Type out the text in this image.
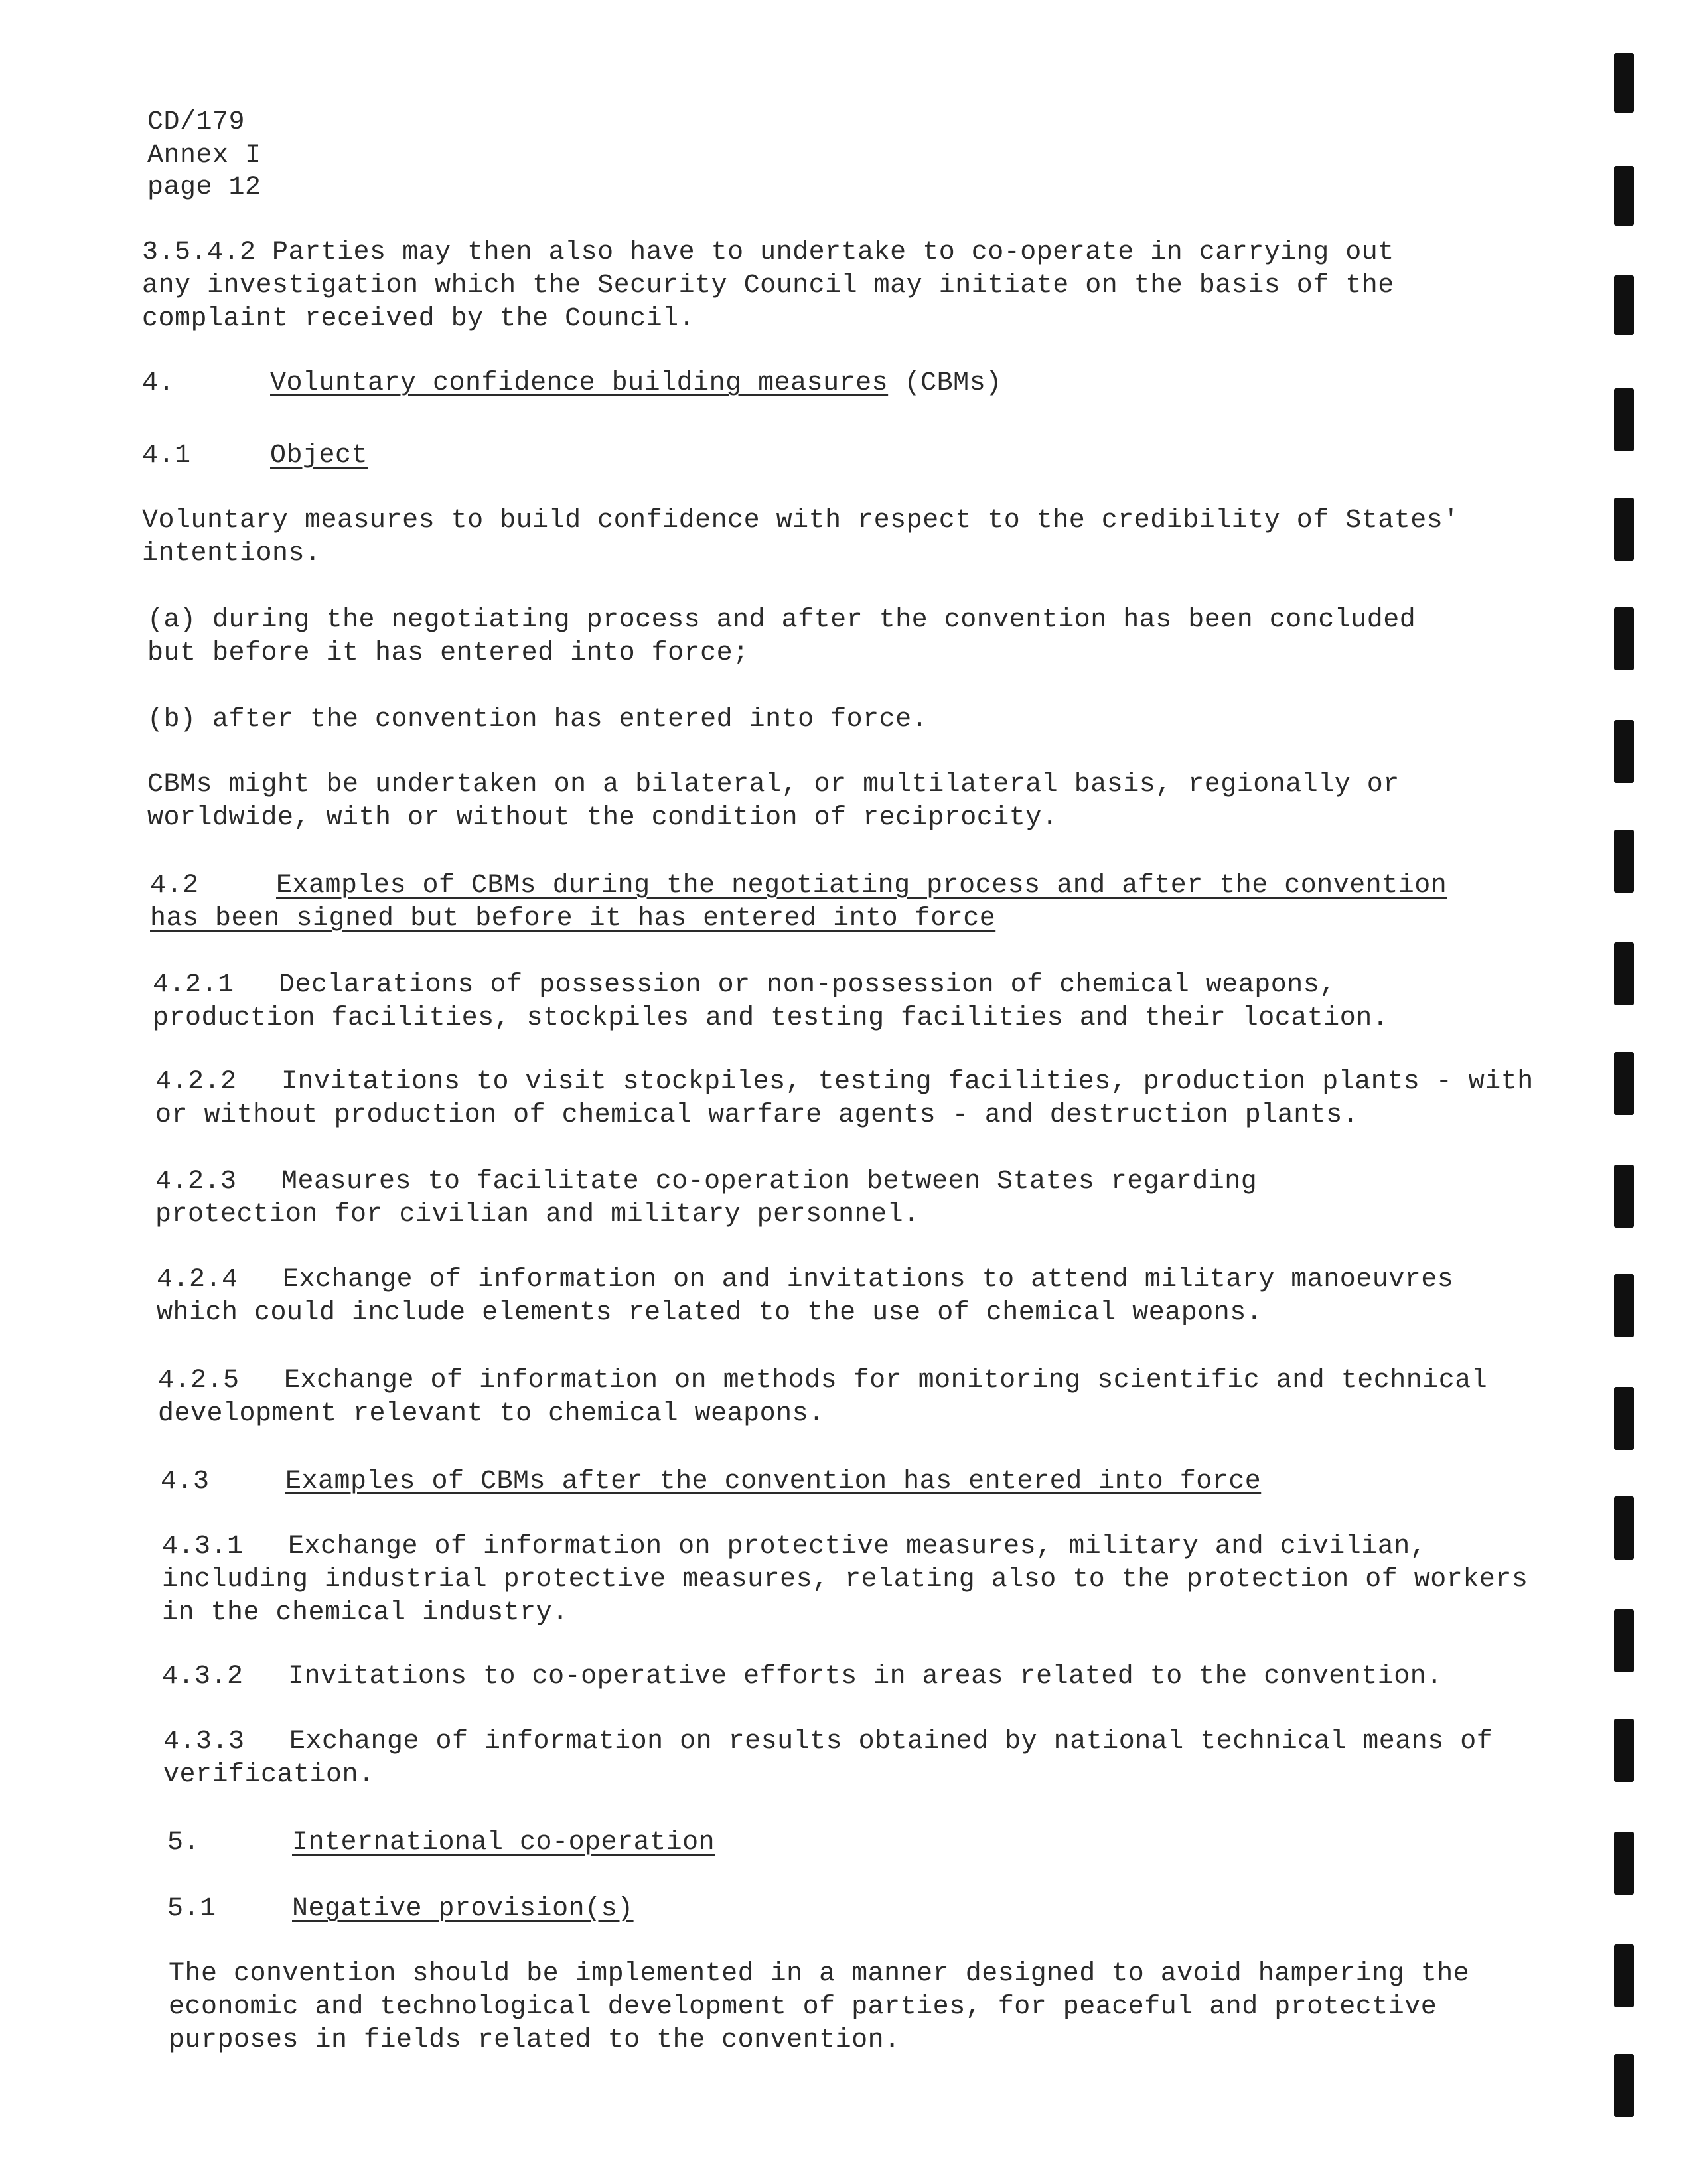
CD/179
Annex I
page 12
3.5.4.2 Parties may then also have to undertake to co-operate in carrying out
any investigation which the Security Council may initiate on the basis of the
complaint received by the Council.
4.	Voluntary confidence building measures (CBMs)
4.1	Object
Voluntary measures to build confidence with respect to the credibility of States'
intentions.
(a) during the negotiating process and after the convention has been concluded
but before it has entered into force;
(b) after the convention has entered into force.
CBMs might be undertaken on a bilateral, or multilateral basis, regionally or
worldwide, with or without the condition of reciprocity.
4.2	Examples of CBMs during the negotiating process and after the convention
has been signed but before it has entered into force
4.2.1 Declarations of possession or non-possession of chemical weapons,
production facilities, stockpiles and testing facilities and their location.
4.2.2 Invitations to visit stockpiles, testing facilities, production plants - with
or without production of chemical warfare agents - and destruction plants.
4.2.3 Measures to facilitate co-operation between States regarding
protection for civilian and military personnel.
4.2.4 Exchange of information on and invitations to attend military manoeuvres
which could include elements related to the use of chemical weapons.
4.2.5 Exchange of information on methods for monitoring scientific and technical
development relevant to chemical weapons.
4.3	Examples of CBMs after the convention has entered into force
4.3.1 Exchange of information on protective measures, military and civilian,
including industrial protective measures, relating also to the protection of workers
in the chemical industry.
4.3.2 Invitations to co-operative efforts in areas related to the convention.
4.3.3 Exchange of information on results obtained by national technical means of
verification.
5.	International co-operation
5.1	Negative provision(s)
The convention should be implemented in a manner designed to avoid hampering the
economic and technological development of parties, for peaceful and protective
purposes in fields related to the convention.
